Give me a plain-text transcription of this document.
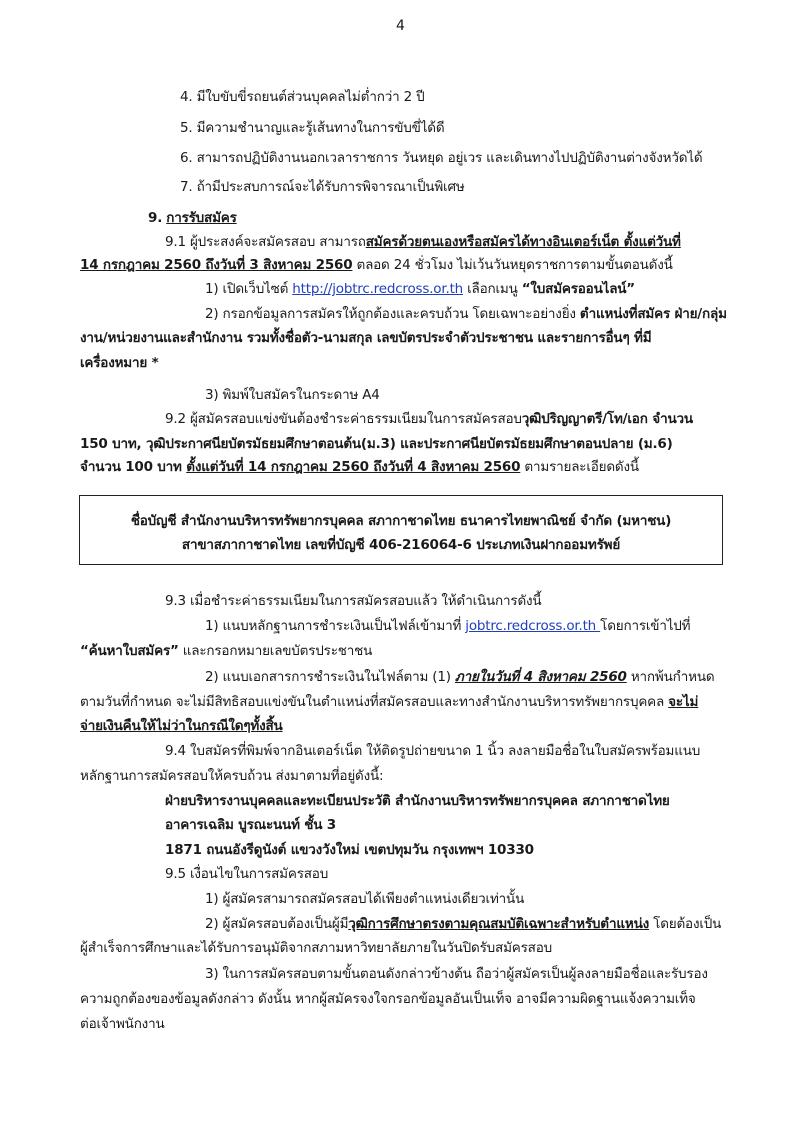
4
4. มีใบขับขี่รถยนต์ส่วนบุคคลไม่ต่ำกว่า 2 ปี
5. มีความชำนาญและรู้เส้นทางในการขับขี่ได้ดี
6. สามารถปฏิบัติงานนอกเวลาราชการ วันหยุด อยู่เวร และเดินทางไปปฏิบัติงานต่างจังหวัดได้
7. ถ้ามีประสบการณ์จะได้รับการพิจารณาเป็นพิเศษ
9. การรับสมัคร
9.1 ผู้ประสงค์จะสมัครสอบ สามารถสมัครด้วยตนเองหรือสมัครได้ทางอินเตอร์เน็ต ตั้งแต่วันที่
14 กรกฎาคม 2560 ถึงวันที่ 3 สิงหาคม 2560 ตลอด 24 ชั่วโมง ไม่เว้นวันหยุดราชการตามขั้นตอนดังนี้
1) เปิดเว็บไซต์ http://jobtrc.redcross.or.th เลือกเมนู “ใบสมัครออนไลน์”
2) กรอกข้อมูลการสมัครให้ถูกต้องและครบถ้วน โดยเฉพาะอย่างยิ่ง ตำแหน่งที่สมัคร ฝ่าย/กลุ่ม
งาน/หน่วยงานและสำนักงาน รวมทั้งชื่อตัว-นามสกุล เลขบัตรประจำตัวประชาชน และรายการอื่นๆ ที่มี
เครื่องหมาย *
3) พิมพ์ใบสมัครในกระดาษ A4
9.2 ผู้สมัครสอบแข่งขันต้องชำระค่าธรรมเนียมในการสมัครสอบวุฒิปริญญาตรี/โท/เอก จำนวน
150 บาท, วุฒิประกาศนียบัตรมัธยมศึกษาตอนต้น(ม.3) และประกาศนียบัตรมัธยมศึกษาตอนปลาย (ม.6)
จำนวน 100 บาท ตั้งแต่วันที่ 14 กรกฎาคม 2560 ถึงวันที่ 4 สิงหาคม 2560 ตามรายละเอียดดังนี้
ชื่อบัญชี สำนักงานบริหารทรัพยากรบุคคล สภากาชาดไทย ธนาคารไทยพาณิชย์ จำกัด (มหาชน)
สาขาสภากาชาดไทย เลขที่บัญชี 406-216064-6 ประเภทเงินฝากออมทรัพย์
9.3 เมื่อชำระค่าธรรมเนียมในการสมัครสอบแล้ว ให้ดำเนินการดังนี้
1) แนบหลักฐานการชำระเงินเป็นไฟล์เข้ามาที่ jobtrc.redcross.or.th โดยการเข้าไปที่
“ค้นหาใบสมัคร” และกรอกหมายเลขบัตรประชาชน
2) แนบเอกสารการชำระเงินในไฟล์ตาม (1) ภายในวันที่ 4 สิงหาคม 2560 หากพ้นกำหนด
ตามวันที่กำหนด จะไม่มีสิทธิสอบแข่งขันในตำแหน่งที่สมัครสอบและทางสำนักงานบริหารทรัพยากรบุคคล จะไม่
จ่ายเงินคืนให้ไม่ว่าในกรณีใดๆทั้งสิ้น
9.4 ใบสมัครที่พิมพ์จากอินเตอร์เน็ต ให้ติดรูปถ่ายขนาด 1 นิ้ว ลงลายมือชื่อในใบสมัครพร้อมแนบ
หลักฐานการสมัครสอบให้ครบถ้วน ส่งมาตามที่อยู่ดังนี้:
ฝ่ายบริหารงานบุคคลและทะเบียนประวัติ สำนักงานบริหารทรัพยากรบุคคล สภากาชาดไทย
อาคารเฉลิม บูรณะนนท์ ชั้น 3
1871 ถนนอังรีดูนังต์ แขวงวังใหม่ เขตปทุมวัน กรุงเทพฯ 10330
9.5 เงื่อนไขในการสมัครสอบ
1) ผู้สมัครสามารถสมัครสอบได้เพียงตำแหน่งเดียวเท่านั้น
2) ผู้สมัครสอบต้องเป็นผู้มีวุฒิการศึกษาตรงตามคุณสมบัติเฉพาะสำหรับตำแหน่ง โดยต้องเป็น
ผู้สำเร็จการศึกษาและได้รับการอนุมัติจากสภามหาวิทยาลัยภายในวันปิดรับสมัครสอบ
3) ในการสมัครสอบตามขั้นตอนดังกล่าวข้างต้น ถือว่าผู้สมัครเป็นผู้ลงลายมือชื่อและรับรอง
ความถูกต้องของข้อมูลดังกล่าว ดังนั้น หากผู้สมัครจงใจกรอกข้อมูลอันเป็นเท็จ อาจมีความผิดฐานแจ้งความเท็จ
ต่อเจ้าพนักงาน
